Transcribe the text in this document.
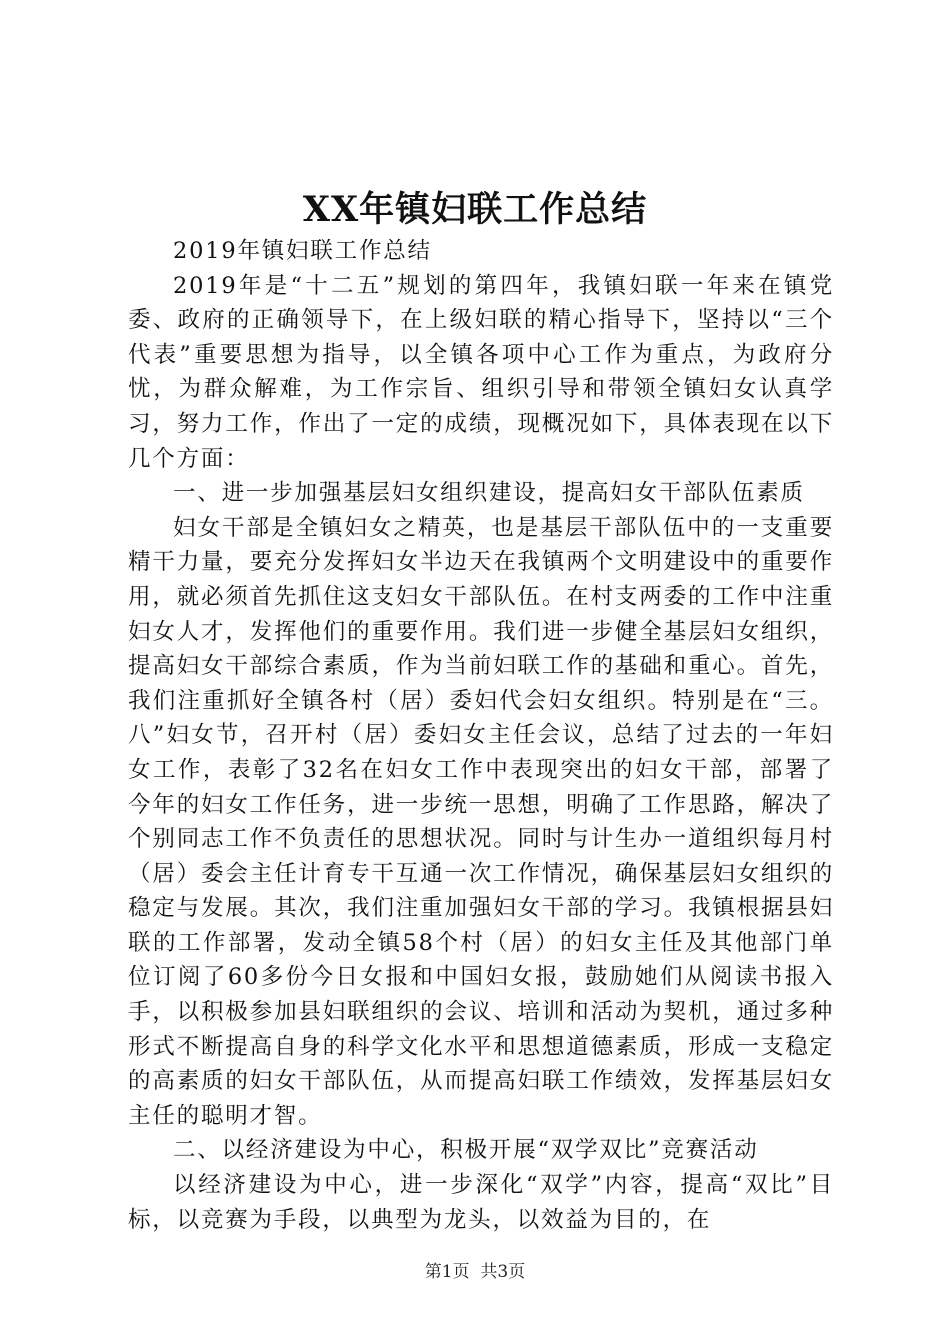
XX年镇妇联工作总结

2019年镇妇联工作总结

2019年是“十二五”规划的第四年，我镇妇联一年来在镇党委、政府的正确领导下，在上级妇联的精心指导下，坚持以“三个代表”重要思想为指导，以全镇各项中心工作为重点，为政府分忧，为群众解难，为工作宗旨、组织引导和带领全镇妇女认真学习，努力工作，作出了一定的成绩，现概况如下，具体表现在以下几个方面：

一、进一步加强基层妇女组织建设，提高妇女干部队伍素质

妇女干部是全镇妇女之精英，也是基层干部队伍中的一支重要精干力量，要充分发挥妇女半边天在我镇两个文明建设中的重要作用，就必须首先抓住这支妇女干部队伍。在村支两委的工作中注重妇女人才，发挥他们的重要作用。我们进一步健全基层妇女组织，提高妇女干部综合素质，作为当前妇联工作的基础和重心。首先，我们注重抓好全镇各村（居）委妇代会妇女组织。特别是在“三。八”妇女节，召开村（居）委妇女主任会议，总结了过去的一年妇女工作，表彰了32名在妇女工作中表现突出的妇女干部，部署了今年的妇女工作任务，进一步统一思想，明确了工作思路，解决了个别同志工作不负责任的思想状况。同时与计生办一道组织每月村（居）委会主任计育专干互通一次工作情况，确保基层妇女组织的稳定与发展。其次，我们注重加强妇女干部的学习。我镇根据县妇联的工作部署，发动全镇58个村（居）的妇女主任及其他部门单位订阅了60多份今日女报和中国妇女报，鼓励她们从阅读书报入手，以积极参加县妇联组织的会议、培训和活动为契机，通过多种形式不断提高自身的科学文化水平和思想道德素质，形成一支稳定的高素质的妇女干部队伍，从而提高妇联工作绩效，发挥基层妇女主任的聪明才智。

二、以经济建设为中心，积极开展“双学双比”竞赛活动

以经济建设为中心，进一步深化“双学”内容，提高“双比”目标，以竞赛为手段，以典型为龙头，以效益为目的，在

第1页  共3页
